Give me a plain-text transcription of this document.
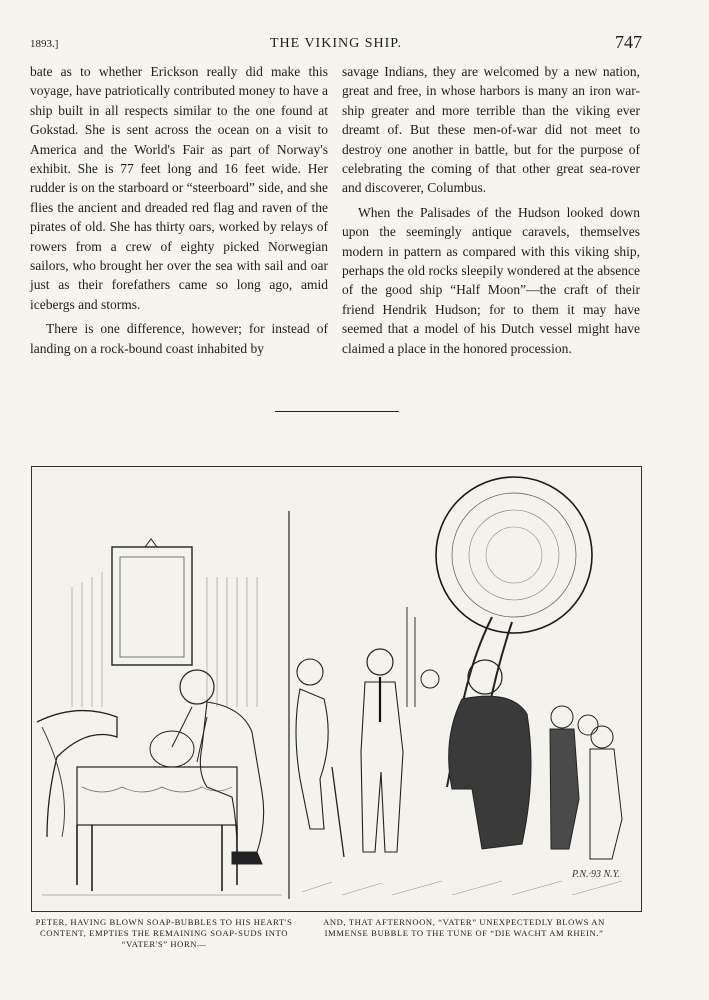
1893.]	THE VIKING SHIP.	747

bate as to whether Erickson really did make this voyage, have patriotically contributed money to have a ship built in all respects similar to the one found at Gokstad. She is sent across the ocean on a visit to America and the World's Fair as part of Norway's exhibit. She is 77 feet long and 16 feet wide. Her rudder is on the starboard or “steerboard” side, and she flies the ancient and dreaded red flag and raven of the pirates of old. She has thirty oars, worked by relays of rowers from a crew of eighty picked Norwegian sailors, who brought her over the sea with sail and oar just as their forefathers came so long ago, amid icebergs and storms.

There is one difference, however; for instead of landing on a rock-bound coast inhabited by

savage Indians, they are welcomed by a new nation, great and free, in whose harbors is many an iron war-ship greater and more terrible than the viking ever dreamt of. But these men-of-war did not meet to destroy one another in battle, but for the purpose of celebrating the coming of that other great sea-rover and discoverer, Columbus.

When the Palisades of the Hudson looked down upon the seemingly antique caravels, themselves modern in pattern as compared with this viking ship, perhaps the old rocks sleepily wondered at the absence of the good ship “Half Moon”—the craft of their friend Hendrik Hudson; for to them it may have seemed that a model of his Dutch vessel might have claimed a place in the honored procession.

P.N.·93 N.Y.
PETER, HAVING BLOWN SOAP-BUBBLES TO HIS HEART'S CONTENT, EMPTIES THE REMAINING SOAP-SUDS INTO “VATER'S” HORN—
AND, THAT AFTERNOON, “VATER” UNEXPECTEDLY BLOWS AN IMMENSE BUBBLE TO THE TUNE OF “DIE WACHT AM RHEIN.”
